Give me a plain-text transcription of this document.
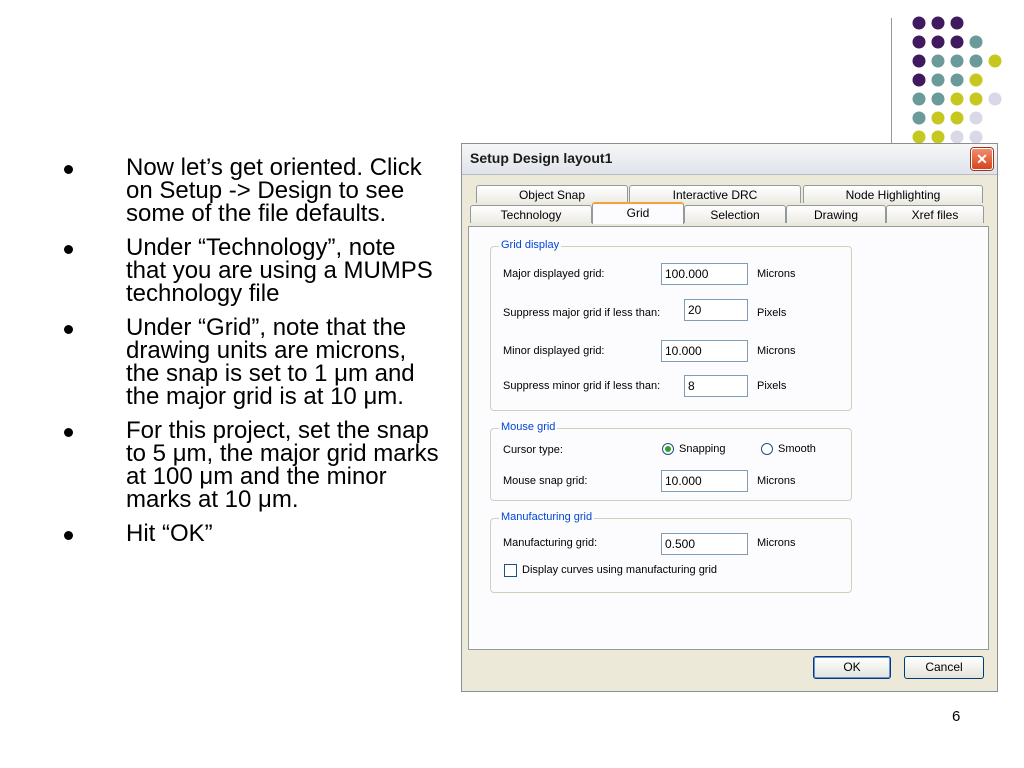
Now let’s get oriented. Click on Setup -> Design to see some of the file defaults.
Under “Technology”, note that you are using a MUMPS technology file
Under “Grid”, note that the drawing units are microns, the snap is set to 1 μm and the major grid is at 10 μm.
For this project, set the snap to 5 μm, the major grid marks at 100 μm and the minor marks at 10 μm.
Hit “OK”
Setup Design layout1	✕
Object Snap	Interactive DRC	Node Highlighting
Technology	Grid	Selection	Drawing	Xref files
Grid display
Major displayed grid:	100.000	Microns
Suppress major grid if less than:	20	Pixels
Minor displayed grid:	10.000	Microns
Suppress minor grid if less than:	8	Pixels
Mouse grid
Cursor type:	Snapping	Smooth
Mouse snap grid:	10.000	Microns
Manufacturing grid
Manufacturing grid:	0.500	Microns
Display curves using manufacturing grid
OK	Cancel
6
